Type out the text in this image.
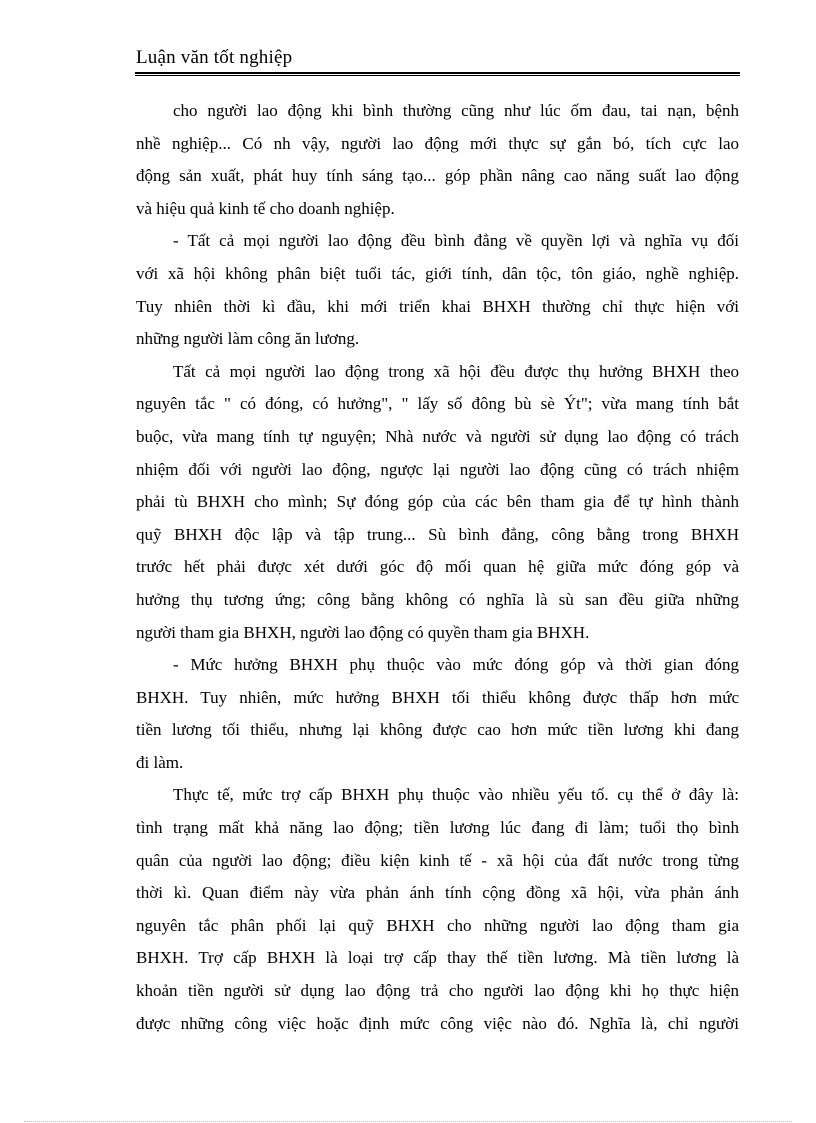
Luận văn tốt nghiệp

cho người lao động khi bình thường cũng như lúc ốm đau, tai nạn, bệnh
nhề nghiệp... Có nh vậy, người lao động mới thực sự gắn bó, tích cực lao
động sản xuất, phát huy tính sáng tạo... góp phần nâng cao năng suất lao động
và hiệu quả kinh tế cho doanh nghiệp.

- Tất cả mọi người lao động đều bình đẳng về quyền lợi và nghĩa vụ đối
với xã hội không phân biệt tuổi tác, giới tính, dân tộc, tôn giáo, nghề nghiệp.
Tuy nhiên thời kì đầu, khi mới triển khai BHXH thường chỉ thực hiện với
những người làm công ăn lương.

Tất cả mọi người lao động trong xã hội đều được thụ hưởng BHXH theo
nguyên tắc " có đóng, có hưởng", " lấy số đông bù sè Ýt"; vừa mang tính bắt
buộc, vừa mang tính tự nguyện; Nhà nước và người sử dụng lao động có trách
nhiệm đối với người lao động, ngược lại người lao động cũng có trách nhiệm
phải tù BHXH cho mình; Sự đóng góp của các bên tham gia để tự hình thành
quỹ BHXH độc lập và tập trung... Sù bình đẳng, công bằng trong BHXH
trước hết phải được xét dưới góc độ mối quan hệ giữa mức đóng góp và
hưởng thụ tương ứng; công bằng không có nghĩa là sù san đều giữa những
người tham gia BHXH, người lao động có quyền tham gia BHXH.

- Mức hưởng BHXH phụ thuộc vào mức đóng góp và thời gian đóng
BHXH. Tuy nhiên, mức hưởng BHXH tối thiểu không được thấp hơn mức
tiền lương tối thiểu, nhưng lại không được cao hơn mức tiền lương khi đang
đi làm.

Thực tế, mức trợ cấp BHXH phụ thuộc vào nhiều yếu tố. cụ thể ở đây là:
tình trạng mất khả năng lao động; tiền lương lúc đang đi làm; tuổi thọ bình
quân của người lao động; điều kiện kinh tế - xã hội của đất nước trong từng
thời kì. Quan điểm này vừa phản ánh tính cộng đồng xã hội, vừa phản ánh
nguyên tắc phân phối lại quỹ BHXH cho những người lao động tham gia
BHXH. Trợ cấp BHXH là loại trợ cấp thay thế tiền lương. Mà tiền lương là
khoản tiền người sử dụng lao động trả cho người lao động khi họ thực hiện
được những công việc hoặc định mức công việc nào đó. Nghĩa là, chỉ người
